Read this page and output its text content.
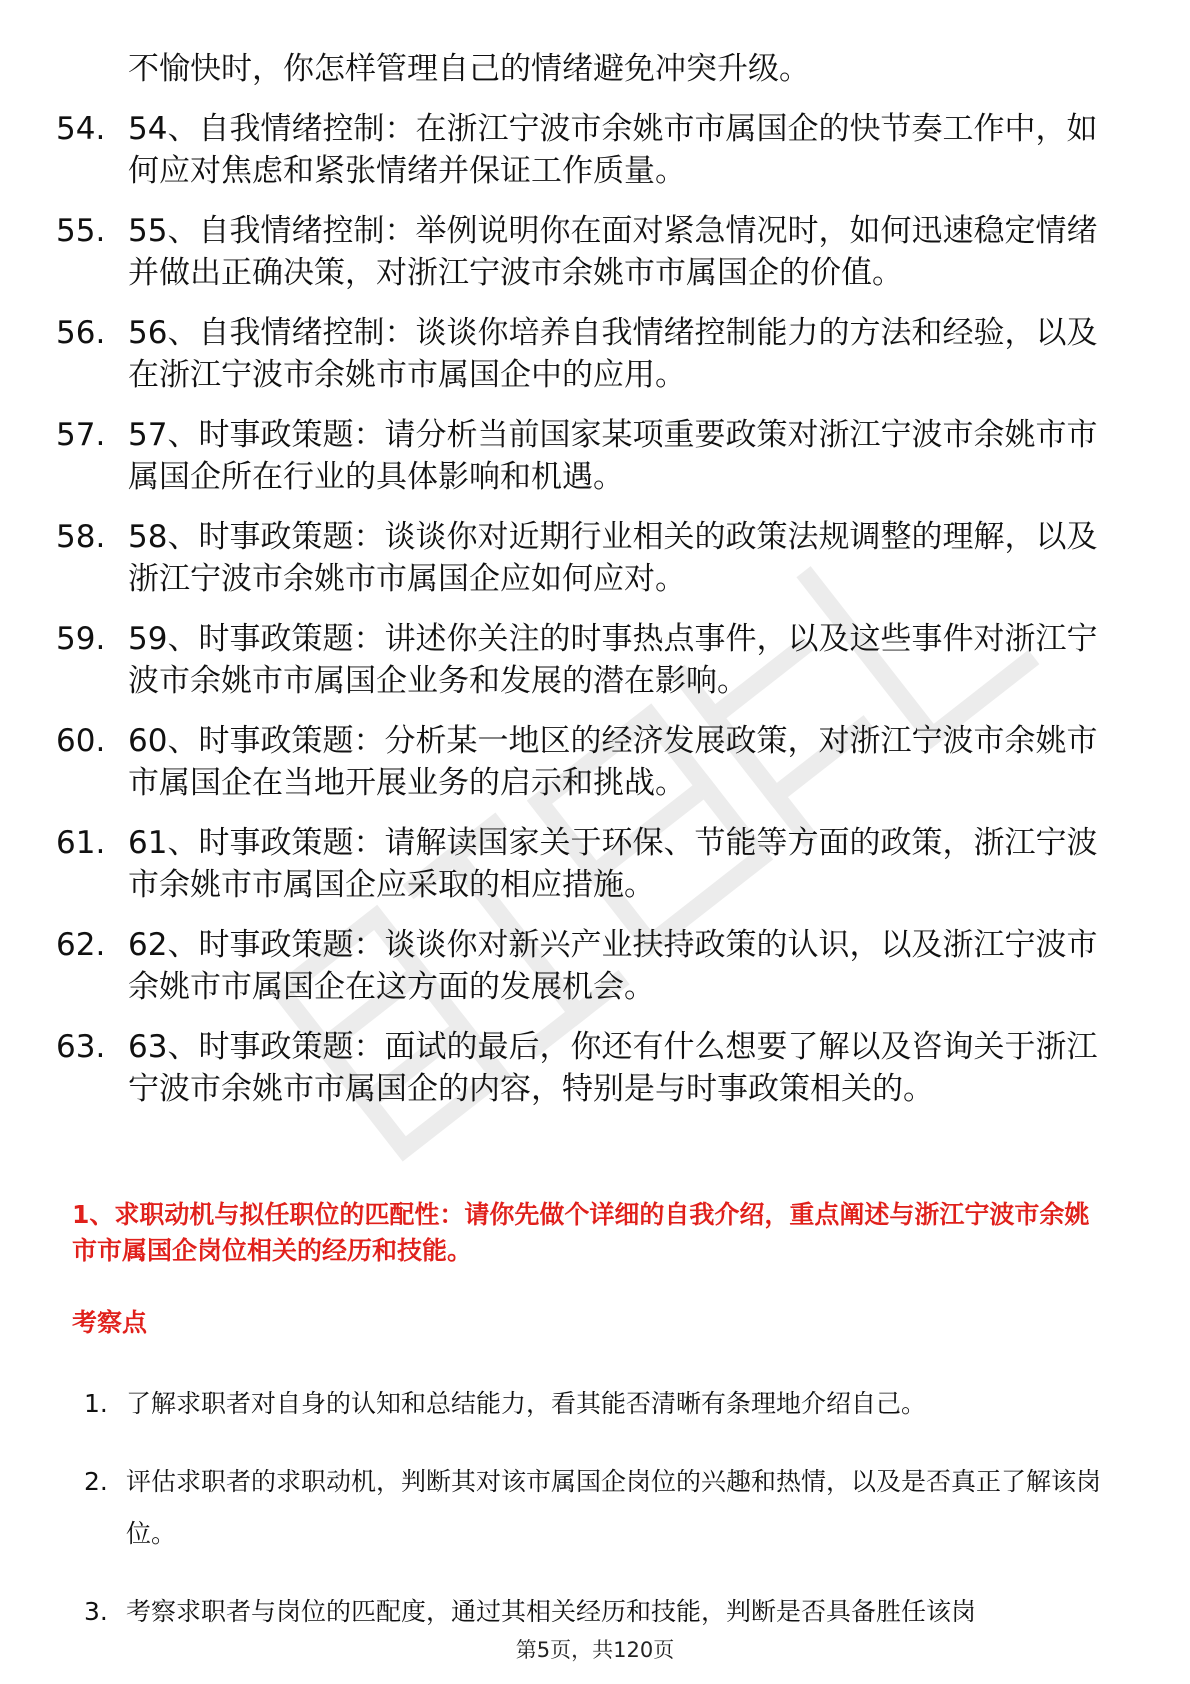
不愉快时，你怎样管理自己的情绪避免冲突升级。
54. 54、自我情绪控制：在浙江宁波市余姚市市属国企的快节奏工作中，如何应对焦虑和紧张情绪并保证工作质量。
55. 55、自我情绪控制：举例说明你在面对紧急情况时，如何迅速稳定情绪并做出正确决策，对浙江宁波市余姚市市属国企的价值。
56. 56、自我情绪控制：谈谈你培养自我情绪控制能力的方法和经验，以及在浙江宁波市余姚市市属国企中的应用。
57. 57、时事政策题：请分析当前国家某项重要政策对浙江宁波市余姚市市属国企所在行业的具体影响和机遇。
58. 58、时事政策题：谈谈你对近期行业相关的政策法规调整的理解，以及浙江宁波市余姚市市属国企应如何应对。
59. 59、时事政策题：讲述你关注的时事热点事件，以及这些事件对浙江宁波市余姚市市属国企业务和发展的潜在影响。
60. 60、时事政策题：分析某一地区的经济发展政策，对浙江宁波市余姚市市属国企在当地开展业务的启示和挑战。
61. 61、时事政策题：请解读国家关于环保、节能等方面的政策，浙江宁波市余姚市市属国企应采取的相应措施。
62. 62、时事政策题：谈谈你对新兴产业扶持政策的认识，以及浙江宁波市余姚市市属国企在这方面的发展机会。
63. 63、时事政策题：面试的最后，你还有什么想要了解以及咨询关于浙江宁波市余姚市市属国企的内容，特别是与时事政策相关的。
1、求职动机与拟任职位的匹配性：请你先做个详细的自我介绍，重点阐述与浙江宁波市余姚市市属国企岗位相关的经历和技能。
考察点
1. 了解求职者对自身的认知和总结能力，看其能否清晰有条理地介绍自己。
2. 评估求职者的求职动机，判断其对该市属国企岗位的兴趣和热情，以及是否真正了解该岗位。
3. 考察求职者与岗位的匹配度，通过其相关经历和技能，判断是否具备胜任该岗
第5页，共120页
